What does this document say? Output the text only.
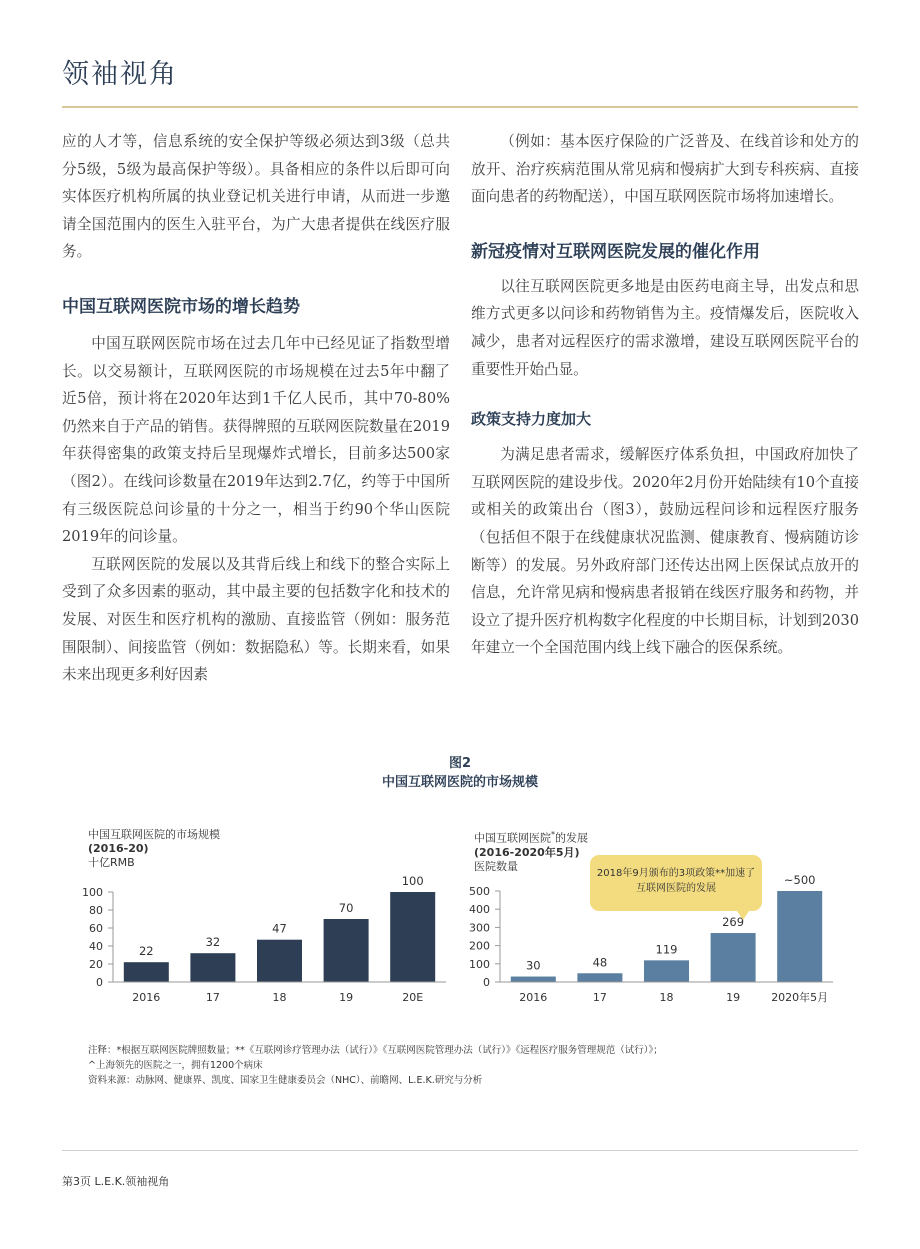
领袖视角

应的人才等，信息系统的安全保护等级必须达到3级（总共分5级，5级为最高保护等级）。具备相应的条件以后即可向实体医疗机构所属的执业登记机关进行申请，从而进一步邀请全国范围内的医生入驻平台，为广大患者提供在线医疗服务。

中国互联网医院市场的增长趋势

中国互联网医院市场在过去几年中已经见证了指数型增长。以交易额计，互联网医院的市场规模在过去5年中翻了近5倍，预计将在2020年达到1千亿人民币，其中70-80%仍然来自于产品的销售。获得牌照的互联网医院数量在2019年获得密集的政策支持后呈现爆炸式增长，目前多达500家（图2）。在线问诊数量在2019年达到2.7亿，约等于中国所有三级医院总问诊量的十分之一，相当于约90个华山医院2019年的问诊量。

互联网医院的发展以及其背后线上和线下的整合实际上受到了众多因素的驱动，其中最主要的包括数字化和技术的发展、对医生和医疗机构的激励、直接监管（例如：服务范围限制）、间接监管（例如：数据隐私）等。长期来看，如果未来出现更多利好因素

（例如：基本医疗保险的广泛普及、在线首诊和处方的放开、治疗疾病范围从常见病和慢病扩大到专科疾病、直接面向患者的药物配送），中国互联网医院市场将加速增长。

新冠疫情对互联网医院发展的催化作用

以往互联网医院更多地是由医药电商主导，出发点和思维方式更多以问诊和药物销售为主。疫情爆发后，医院收入减少，患者对远程医疗的需求激增，建设互联网医院平台的重要性开始凸显。

政策支持力度加大

为满足患者需求，缓解医疗体系负担，中国政府加快了互联网医院的建设步伐。2020年2月份开始陆续有10个直接或相关的政策出台（图3），鼓励远程问诊和远程医疗服务（包括但不限于在线健康状况监测、健康教育、慢病随访诊断等）的发展。另外政府部门还传达出网上医保试点放开的信息，允许常见病和慢病患者报销在线医疗服务和药物，并设立了提升医疗机构数字化程度的中长期目标，计划到2030年建立一个全国范围内线上线下融合的医保系统。

图2
中国互联网医院的市场规模
中国互联网医院的市场规模
(2016-20)
十亿RMB
中国互联网医院*的发展
(2016-2020年5月)
医院数量
0
20
40
60
80
100
22
2016
32
17
47
18
70
19
100
20E
0
100
200
300
400
500
30
2016
48
17
119
18
269
19
~500
2020年5月
2018年9月颁布的3项政策**加速了
互联网医院的发展
注释：*根据互联网医院牌照数量；**《互联网诊疗管理办法（试行）》《互联网医院管理办法（试行）》《远程医疗服务管理规范（试行）》；
^上海领先的医院之一，拥有1200个病床
资料来源：动脉网、健康界、凯度、国家卫生健康委员会（NHC）、前瞻网、L.E.K.研究与分析
第3页 L.E.K.领袖视角
